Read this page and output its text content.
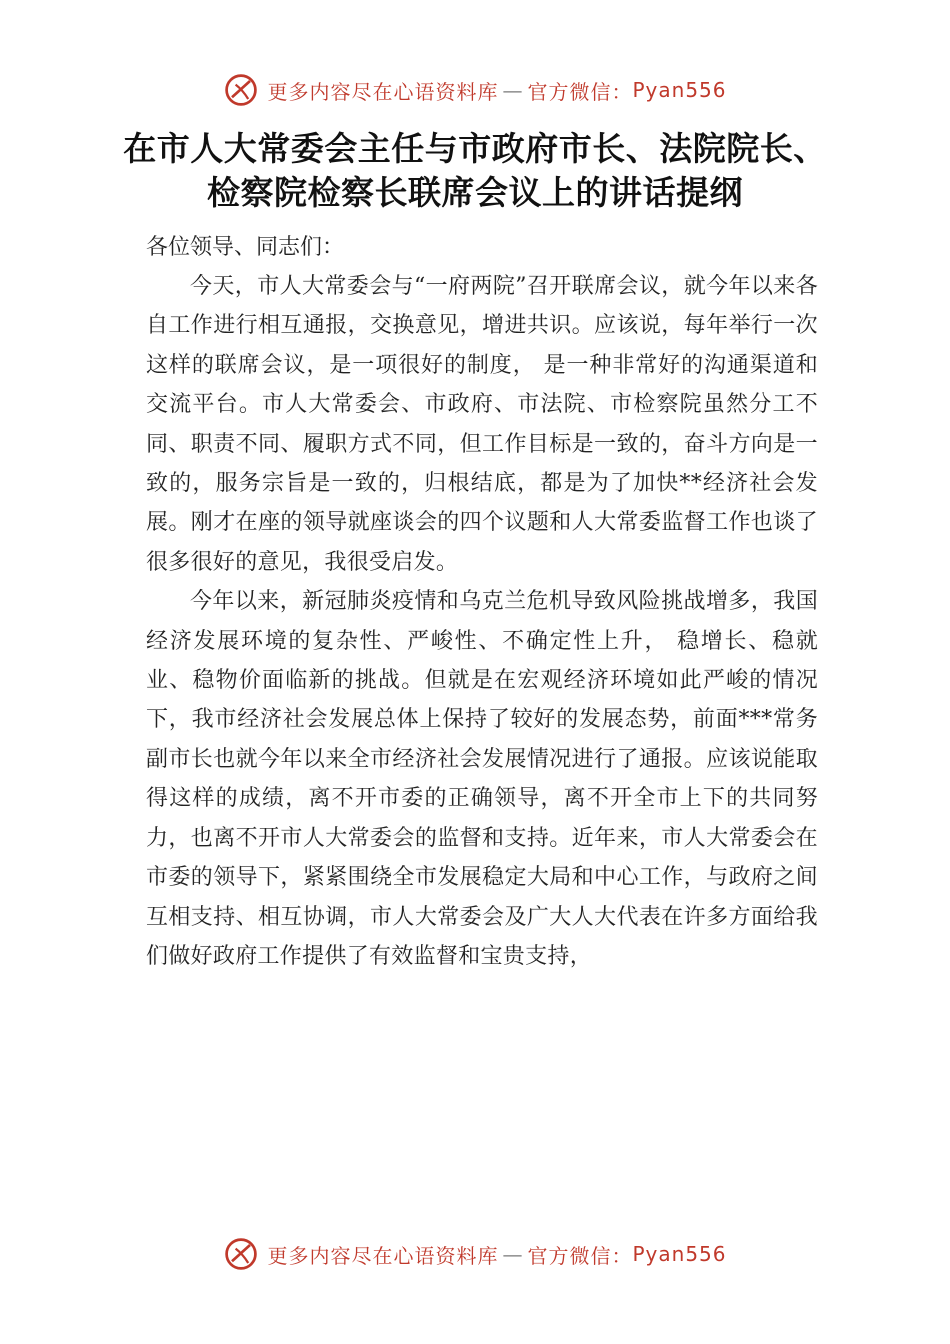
更多内容尽在心语资料库 — 官方微信： Pyan556
在市人大常委会主任与市政府市长、法院院长、检察院检察长联席会议上的讲话提纲

各位领导、同志们：

今天，市人大常委会与“一府两院”召开联席会议，就今年以来各自工作进行相互通报，交换意见，增进共识。应该说，每年举行一次这样的联席会议，是一项很好的制度， 是一种非常好的沟通渠道和交流平台。市人大常委会、市政府、市法院、市检察院虽然分工不同、职责不同、履职方式不同，但工作目标是一致的，奋斗方向是一致的，服务宗旨是一致的，归根结底，都是为了加快**经济社会发展。刚才在座的领导就座谈会的四个议题和人大常委监督工作也谈了很多很好的意见，我很受启发。

今年以来，新冠肺炎疫情和乌克兰危机导致风险挑战增多，我国经济发展环境的复杂性、严峻性、不确定性上升， 稳增长、稳就业、稳物价面临新的挑战。但就是在宏观经济环境如此严峻的情况下，我市经济社会发展总体上保持了较好的发展态势，前面***常务副市长也就今年以来全市经济社会发展情况进行了通报。应该说能取得这样的成绩，离不开市委的正确领导，离不开全市上下的共同努力，也离不开市人大常委会的监督和支持。近年来，市人大常委会在市委的领导下，紧紧围绕全市发展稳定大局和中心工作，与政府之间互相支持、相互协调，市人大常委会及广大人大代表在许多方面给我们做好政府工作提供了有效监督和宝贵支持，

更多内容尽在心语资料库 — 官方微信： Pyan556
